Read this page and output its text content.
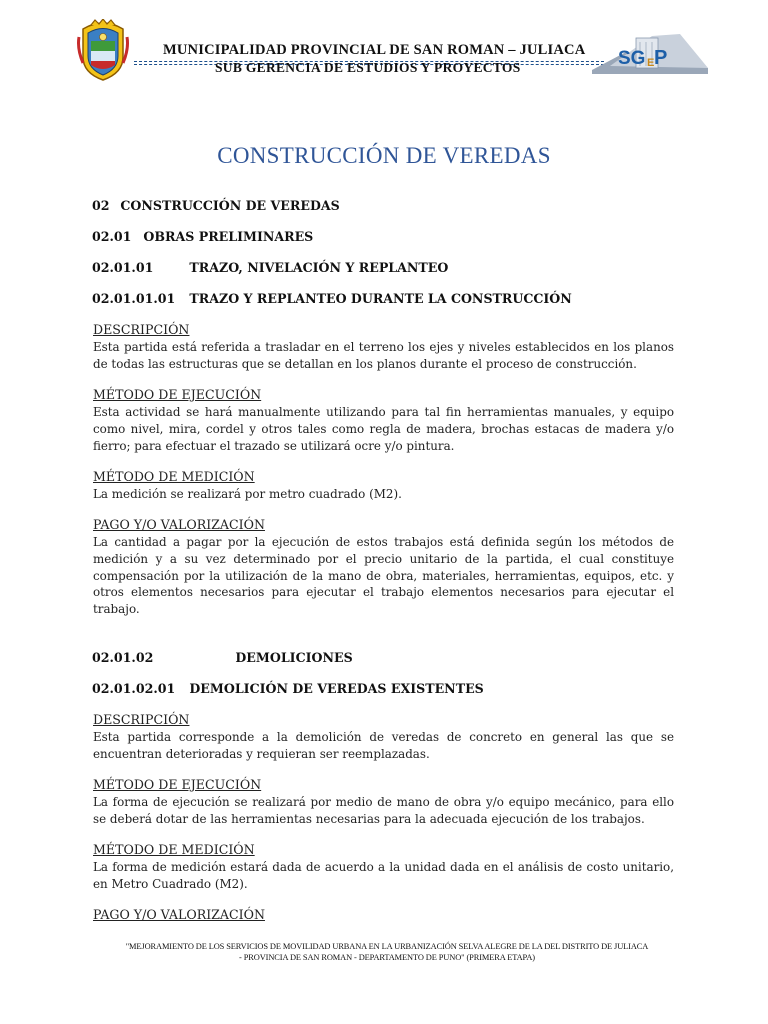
MUNICIPALIDAD PROVINCIAL DE SAN ROMAN – JULIACA
SUB GERENCIA DE ESTUDIOS Y PROYECTOS	SG E P
CONSTRUCCIÓN DE VEREDAS
02 CONSTRUCCIÓN DE VEREDAS
02.01 OBRAS PRELIMINARES
02.01.01	TRAZO, NIVELACIÓN Y REPLANTEO
02.01.01.01 TRAZO Y REPLANTEO DURANTE LA CONSTRUCCIÓN
DESCRIPCIÓN

Esta partida está referida a trasladar en el terreno los ejes y niveles establecidos en los planos de todas las estructuras que se detallan en los planos durante el proceso de construcción.

MÉTODO DE EJECUCIÓN

Esta actividad se hará manualmente utilizando para tal fin herramientas manuales, y equipo como nivel, mira, cordel y otros tales como regla de madera, brochas estacas de madera y/o fierro; para efectuar el trazado se utilizará ocre y/o pintura.

MÉTODO DE MEDICIÓN

La medición se realizará por metro cuadrado (M2).

PAGO Y/O VALORIZACIÓN

La cantidad a pagar por la ejecución de estos trabajos está definida según los métodos de medición y a su vez determinado por el precio unitario de la partida, el cual constituye compensación por la utilización de la mano de obra, materiales, herramientas, equipos, etc. y otros elementos necesarios para ejecutar el trabajo elementos necesarios para ejecutar el trabajo.

02.01.02	DEMOLICIONES
02.01.02.01 DEMOLICIÓN DE VEREDAS EXISTENTES
DESCRIPCIÓN

Esta partida corresponde a la demolición de veredas de concreto en general las que se encuentran deterioradas y requieran ser reemplazadas.

MÉTODO DE EJECUCIÓN

La forma de ejecución se realizará por medio de mano de obra y/o equipo mecánico, para ello se deberá dotar de las herramientas necesarias para la adecuada ejecución de los trabajos.

MÉTODO DE MEDICIÓN

La forma de medición estará dada de acuerdo a la unidad dada en el análisis de costo unitario, en Metro Cuadrado (M2).

PAGO Y/O VALORIZACIÓN
"MEJORAMIENTO DE LOS SERVICIOS DE MOVILIDAD URBANA EN LA URBANIZACIÓN SELVA ALEGRE DE LA DEL DISTRITO DE JULIACA
- PROVINCIA DE SAN ROMAN - DEPARTAMENTO DE PUNO" (PRIMERA ETAPA)
